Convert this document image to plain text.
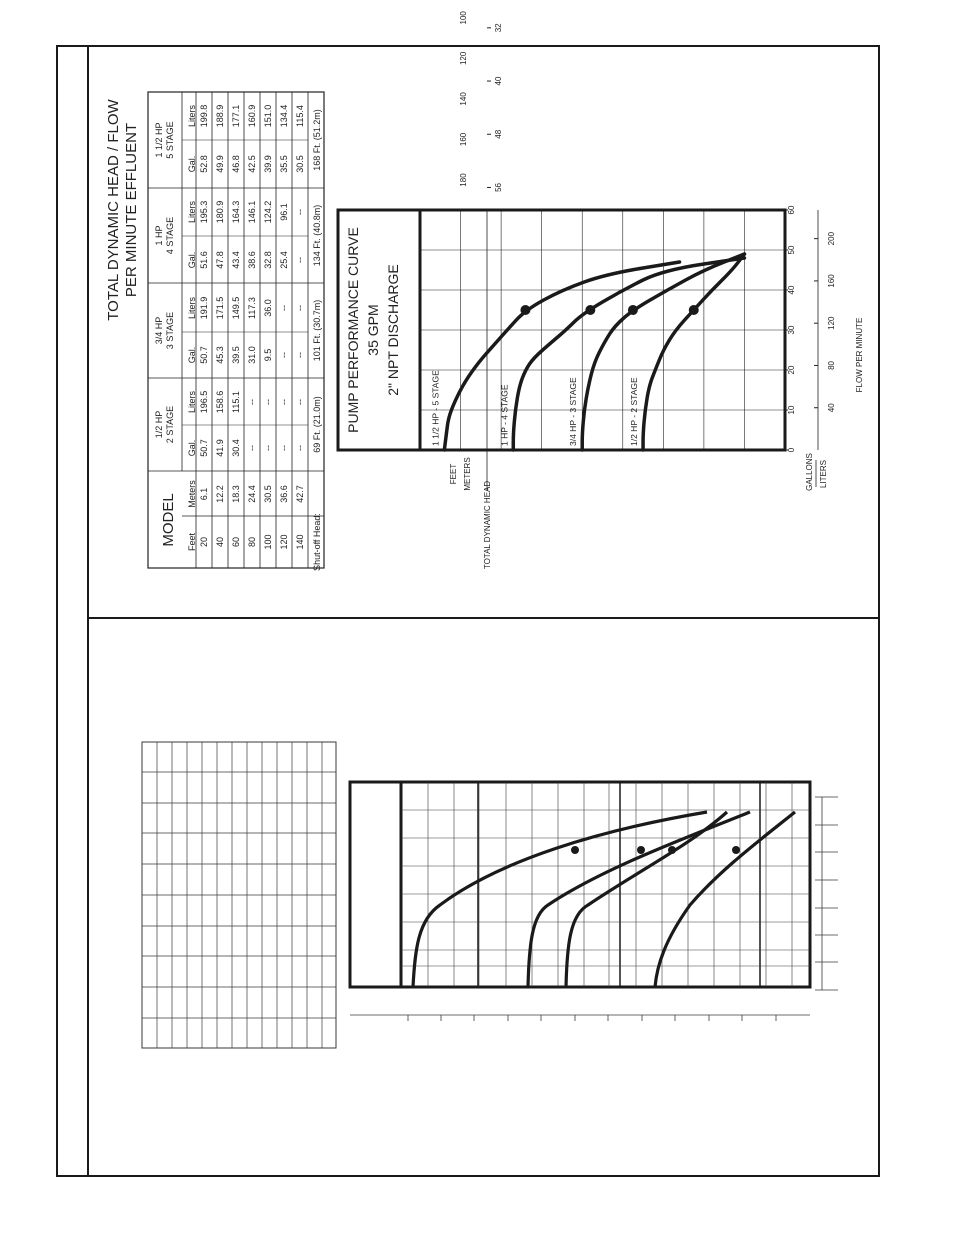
TOTAL DYNAMIC HEAD / FLOW PER MINUTE EFFLUENT
MODEL Feet
Meters
1/2 HP 2 STAGE
Gal.
Liters
3/4 HP 3 STAGE
Gal.
Liters
1 HP 4 STAGE
Gal.
Liters
1 1/2 HP 5 STAGE
Gal.
Liters
20
6.1
50.7
196.5
50.7
191.9
51.6
195.3
52.8
199.8
40
12.2
41.9
158.6
45.3
171.5
47.8
180.9
49.9
188.9
60
18.3
30.4
115.1
39.5
149.5
43.4
164.3
46.8
177.1
80
24.4
--
--
31.0
117.3
38.6
146.1
42.5
160.9
100
30.5
--
--
9.5
36.0
32.8
124.2
39.9
151.0
120
36.6
--
--
--
--
25.4
96.1
35.5
134.4
140
42.7
--
--
--
--
--
--
30.5
115.4
Shut-off Head:
69 Ft. (21.0m)
101 Ft. (30.7m)
134 Ft. (40.8m)
168 Ft. (51.2m)
PUMP PERFORMANCE CURVE 35 GPM 2" NPT DISCHARGE
0
10
20
30
40
50
60
40
80
120
160
200
100
120
140
160
180
FEET METERS
32
40
48
56
TOTAL DYNAMIC HEAD
GALLONS LITERS
FLOW PER MINUTE
1/2 HP - 2 STAGE
3/4 HP - 3 STAGE
1 HP - 4 STAGE
1 1/2 HP - 5 STAGE
